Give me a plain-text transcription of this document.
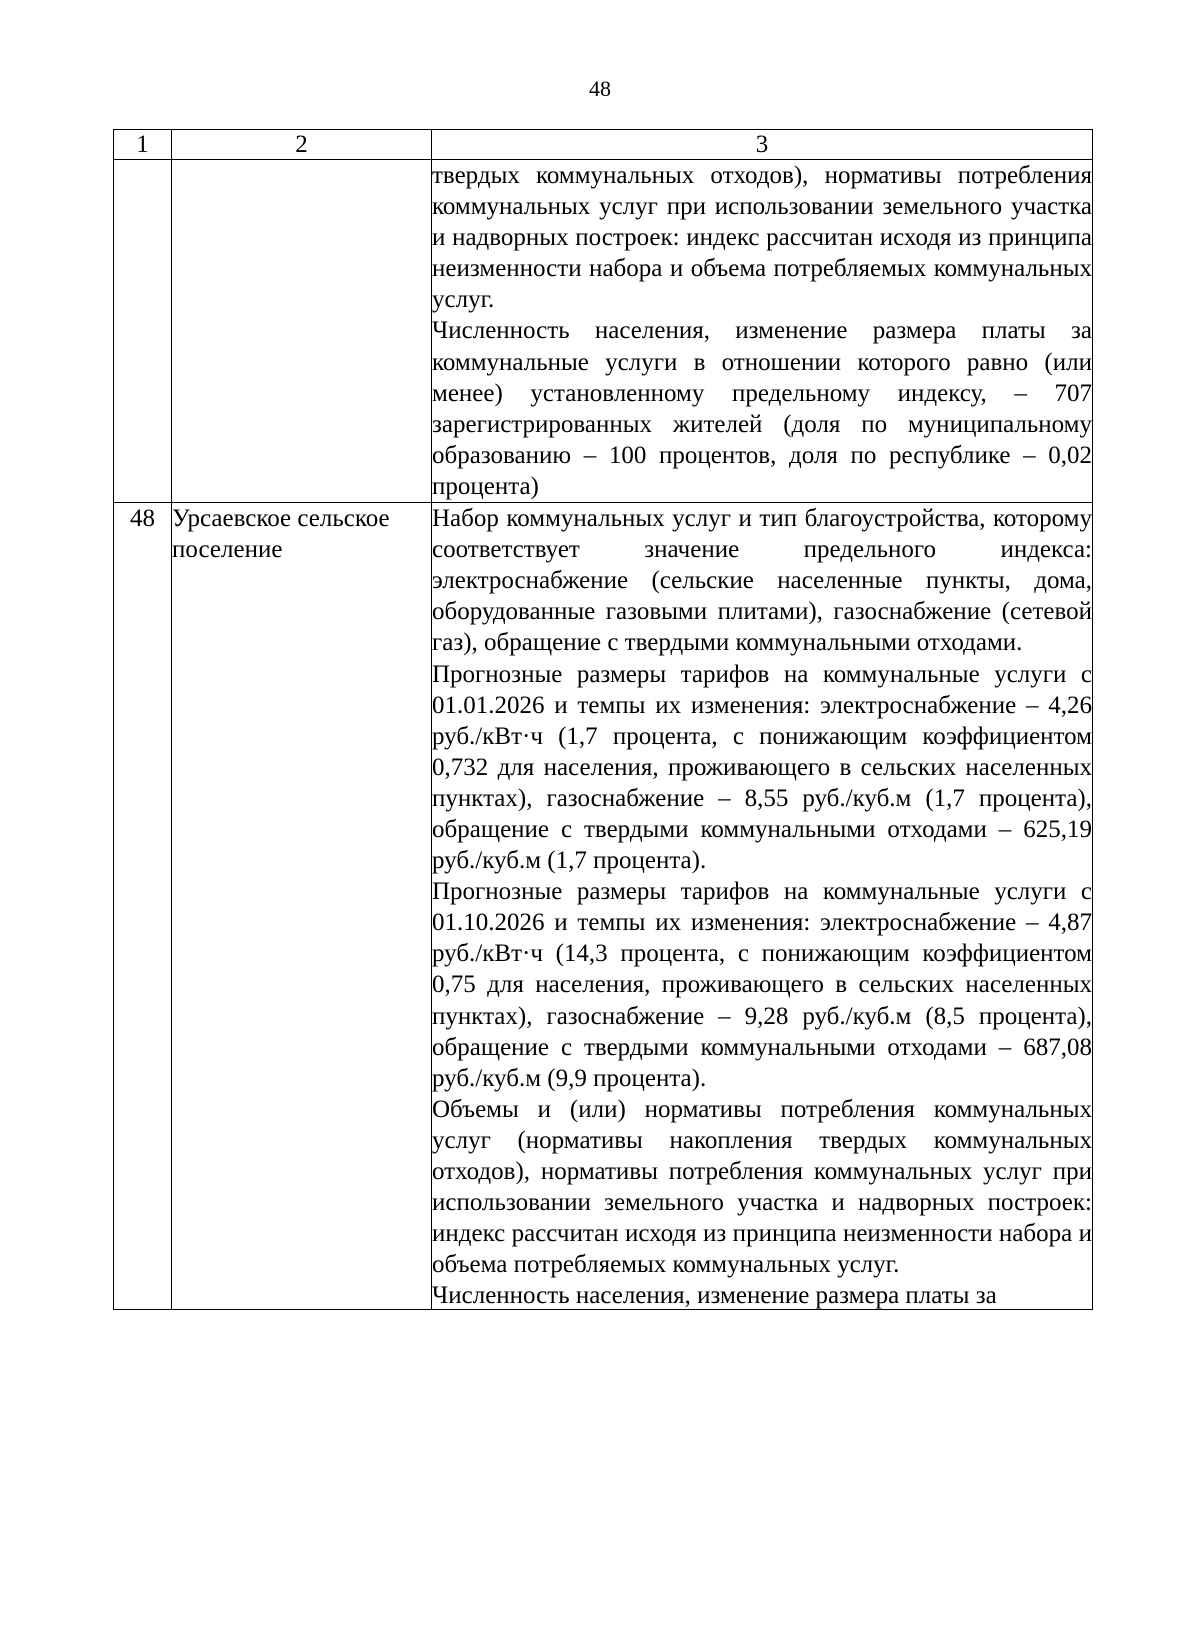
48
1	2	3

		твердых коммунальных отходов), нормативы потребления коммунальных услуг при использовании земельного участка и надворных построек: индекс рассчитан исходя из принципа неизменности набора и объема потребляемых коммунальных услуг.

Численность населения, изменение размера платы за коммунальные услуги в отношении которого равно (или менее) установленному предельному индексу, – 707 зарегистрированных жителей (доля по муниципальному образованию – 100 процентов, доля по республике – 0,02 процента)

48	Урсаевское сельское поселение	Набор коммунальных услуг и тип благоустройства, которому соответствует значение предельного индекса: электроснабжение (сельские населенные пункты, дома, оборудованные газовыми плитами), газоснабжение (сетевой газ), обращение с твердыми коммунальными отходами.

Прогнозные размеры тарифов на коммунальные услуги с 01.01.2026 и темпы их изменения: электроснабжение – 4,26 руб./кВт·ч (1,7 процента, с понижающим коэффициентом 0,732 для населения, проживающего в сельских населенных пунктах), газоснабжение – 8,55 руб./куб.м (1,7 процента), обращение с твердыми коммунальными отходами – 625,19 руб./куб.м (1,7 процента).

Прогнозные размеры тарифов на коммунальные услуги с 01.10.2026 и темпы их изменения: электроснабжение – 4,87 руб./кВт·ч (14,3 процента, с понижающим коэффициентом 0,75 для населения, проживающего в сельских населенных пунктах), газоснабжение – 9,28 руб./куб.м (8,5 процента), обращение с твердыми коммунальными отходами – 687,08 руб./куб.м (9,9 процента).

Объемы и (или) нормативы потребления коммунальных услуг (нормативы накопления твердых коммунальных отходов), нормативы потребления коммунальных услуг при использовании земельного участка и надворных построек: индекс рассчитан исходя из принципа неизменности набора и объема потребляемых коммунальных услуг.

Численность населения, изменение размера платы за
